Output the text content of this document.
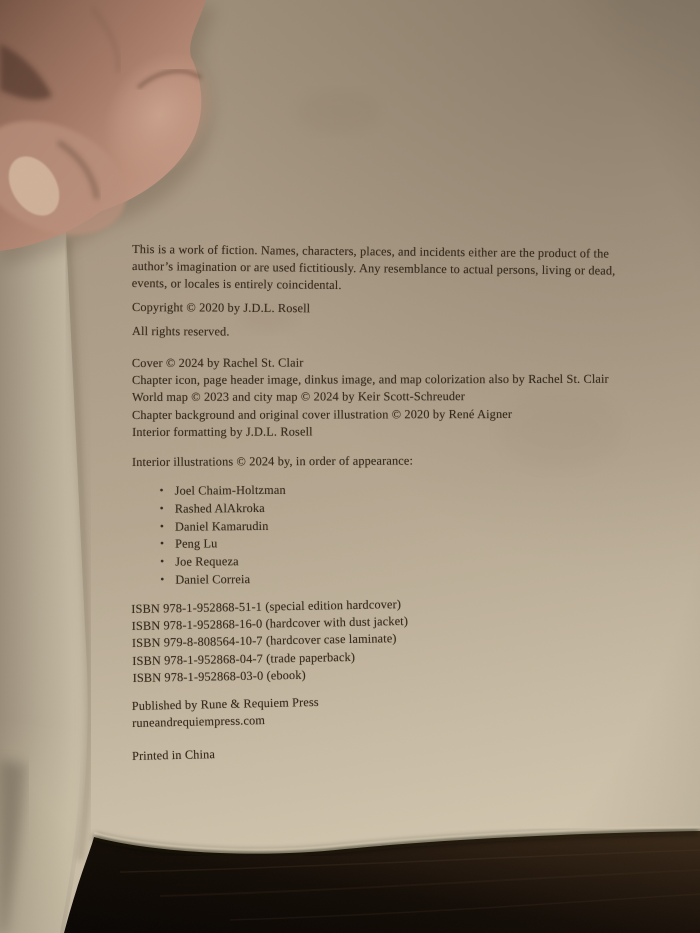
This is a work of fiction. Names, characters, places, and incidents either are the product of the
author’s imagination or are used fictitiously. Any resemblance to actual persons, living or dead,
events, or locales is entirely coincidental.
Copyright © 2020 by J.D.L. Rosell
All rights reserved.
Cover © 2024 by Rachel St. Clair
Chapter icon, page header image, dinkus image, and map colorization also by Rachel St. Clair
World map © 2023 and city map © 2024 by Keir Scott-Schreuder
Chapter background and original cover illustration © 2020 by René Aigner
Interior formatting by J.D.L. Rosell
Interior illustrations © 2024 by, in order of appearance:
• Joel Chaim-Holtzman
• Rashed AlAkroka
• Daniel Kamarudin
• Peng Lu
• Joe Requeza
• Daniel Correia
ISBN 978-1-952868-51-1 (special edition hardcover)
ISBN 978-1-952868-16-0 (hardcover with dust jacket)
ISBN 979-8-808564-10-7 (hardcover case laminate)
ISBN 978-1-952868-04-7 (trade paperback)
ISBN 978-1-952868-03-0 (ebook)
Published by Rune & Requiem Press
runeandrequiempress.com
Printed in China
